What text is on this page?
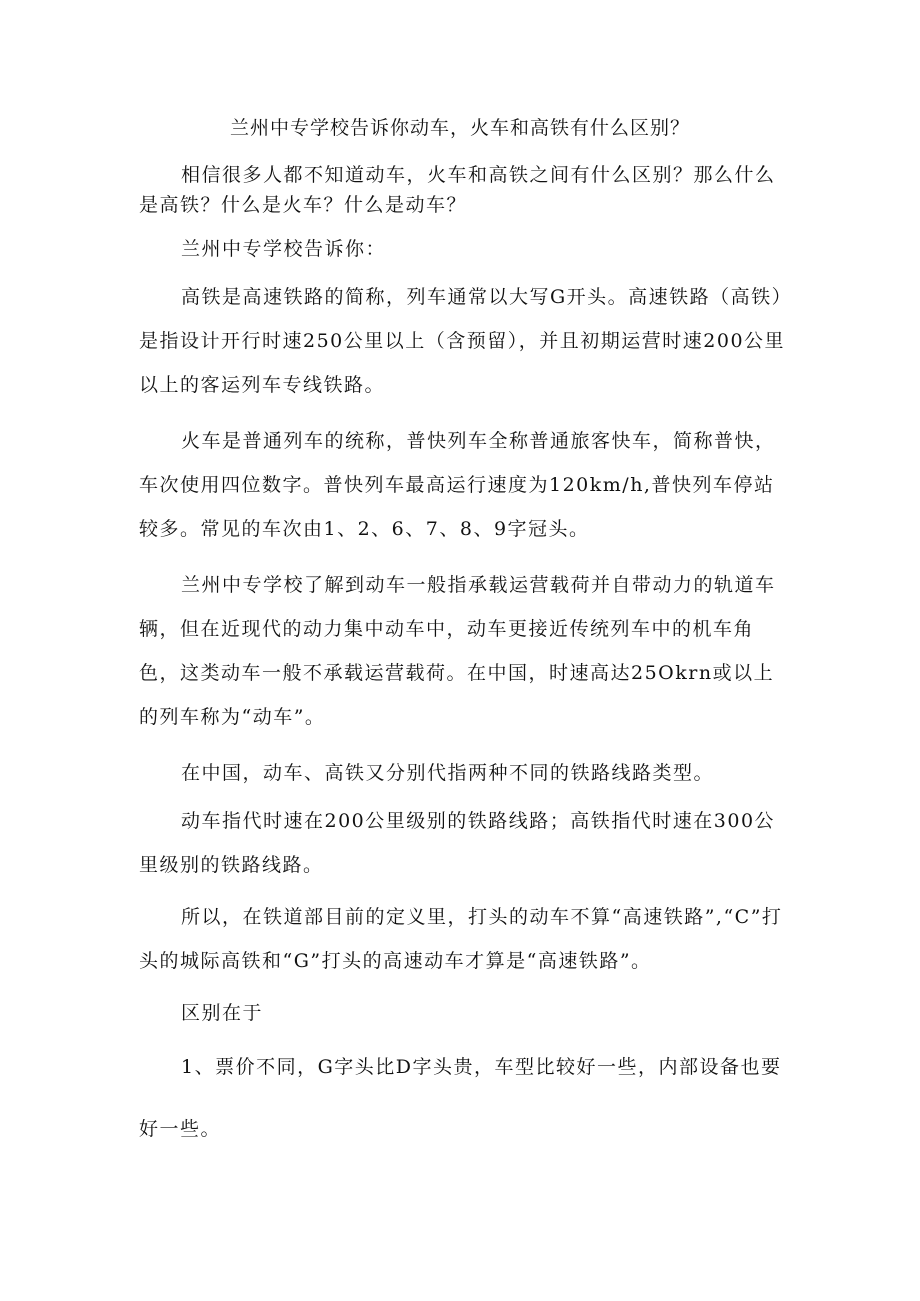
兰州中专学校告诉你动车，火车和高铁有什么区别？
相信很多人都不知道动车，火车和高铁之间有什么区别？那么什么是高铁？什么是火车？什么是动车？
兰州中专学校告诉你：
高铁是高速铁路的简称，列车通常以大写G开头。高速铁路（高铁）是指设计开行时速250公里以上（含预留），并且初期运营时速200公里以上的客运列车专线铁路。
火车是普通列车的统称，普快列车全称普通旅客快车，简称普快，车次使用四位数字。普快列车最高运行速度为120km/h,普快列车停站较多。常见的车次由1、2、6、7、8、9字冠头。
兰州中专学校了解到动车一般指承载运营载荷并自带动力的轨道车辆，但在近现代的动力集中动车中，动车更接近传统列车中的机车角色，这类动车一般不承载运营载荷。在中国，时速高达25Okrn或以上的列车称为“动车”。
在中国，动车、高铁又分别代指两种不同的铁路线路类型。
动车指代时速在200公里级别的铁路线路；高铁指代时速在300公里级别的铁路线路。
所以，在铁道部目前的定义里，打头的动车不算“高速铁路”,“C”打头的城际高铁和“G”打头的高速动车才算是“高速铁路”。
区别在于
1、票价不同，G字头比D字头贵，车型比较好一些，内部设备也要好一些。
